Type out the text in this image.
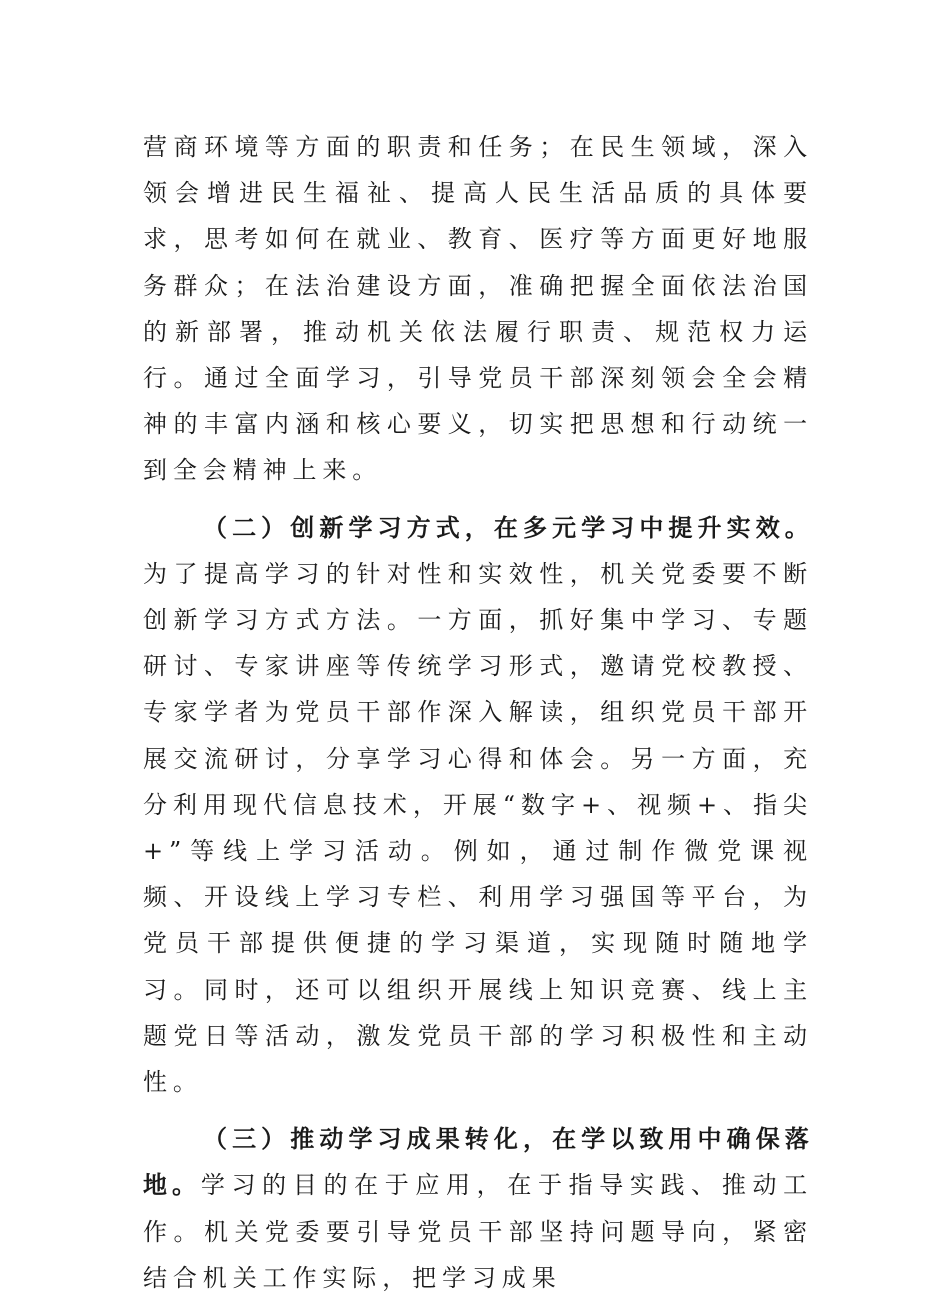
营商环境等方面的职责和任务；在民生领域，深入领会增进民生福祉、提高人民生活品质的具体要求，思考如何在就业、教育、医疗等方面更好地服务群众；在法治建设方面，准确把握全面依法治国的新部署，推动机关依法履行职责、规范权力运行。通过全面学习，引导党员干部深刻领会全会精神的丰富内涵和核心要义，切实把思想和行动统一到全会精神上来。

（二）创新学习方式，在多元学习中提升实效。为了提高学习的针对性和实效性，机关党委要不断创新学习方式方法。一方面，抓好集中学习、专题研讨、专家讲座等传统学习形式，邀请党校教授、专家学者为党员干部作深入解读，组织党员干部开展交流研讨，分享学习心得和体会。另一方面，充分利用现代信息技术，开展“数字+、视频+、指尖+”等线上学习活动。例如，通过制作微党课视频、开设线上学习专栏、利用学习强国等平台，为党员干部提供便捷的学习渠道，实现随时随地学习。同时，还可以组织开展线上知识竞赛、线上主题党日等活动，激发党员干部的学习积极性和主动性。

（三）推动学习成果转化，在学以致用中确保落地。学习的目的在于应用，在于指导实践、推动工作。机关党委要引导党员干部坚持问题导向，紧密结合机关工作实际，把学习成果
